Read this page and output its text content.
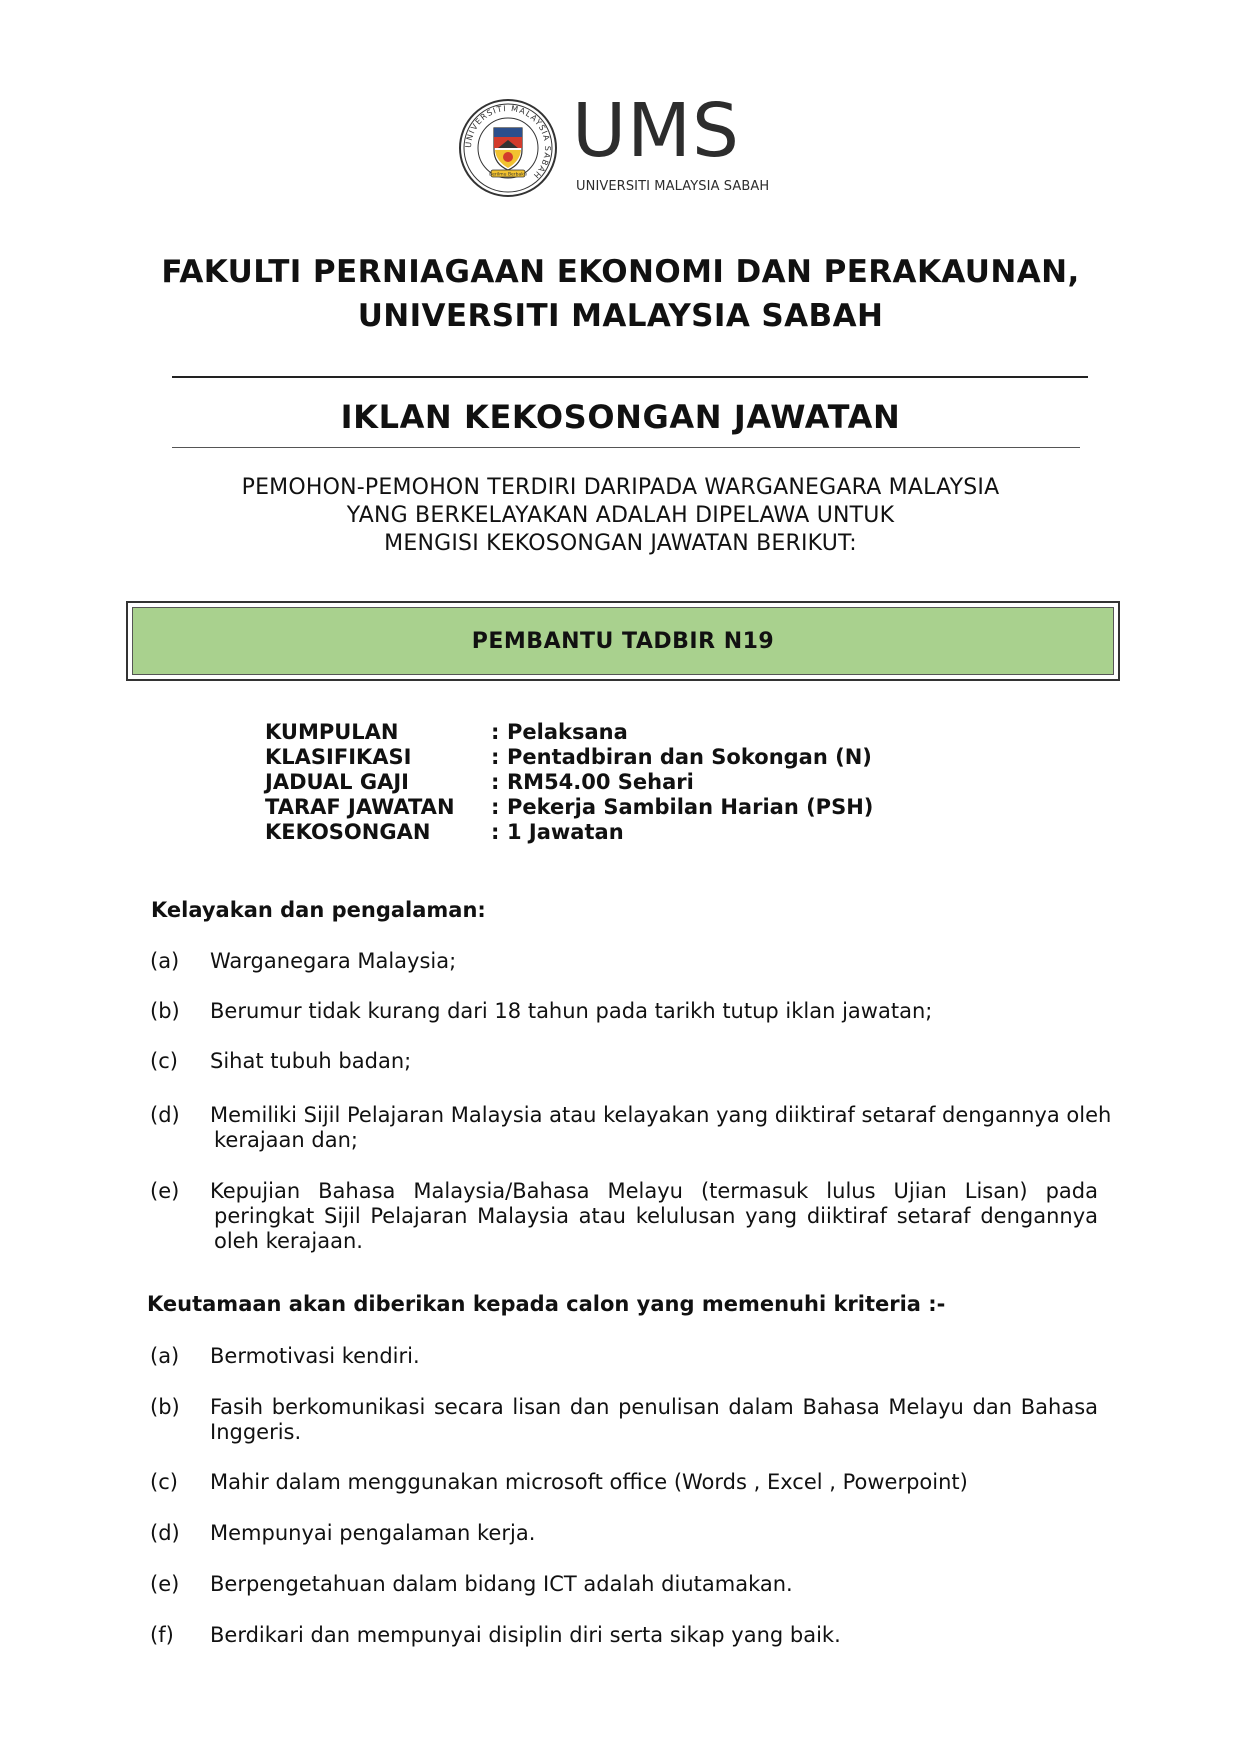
UNIVERSITI MALAYSIA SABAH
Berilmu Berbakti
UMS
UNIVERSITI MALAYSIA SABAH
FAKULTI PERNIAGAAN EKONOMI DAN PERAKAUNAN,
UNIVERSITI MALAYSIA SABAH
IKLAN KEKOSONGAN JAWATAN
PEMOHON-PEMOHON TERDIRI DARIPADA WARGANEGARA MALAYSIA
YANG BERKELAYAKAN ADALAH DIPELAWA UNTUK
MENGISI KEKOSONGAN JAWATAN BERIKUT:
PEMBANTU TADBIR N19
KUMPULAN	: Pelaksana
KLASIFIKASI	: Pentadbiran dan Sokongan (N)
JADUAL GAJI	: RM54.00 Sehari
TARAF JAWATAN	: Pekerja Sambilan Harian (PSH)
KEKOSONGAN	: 1 Jawatan
Kelayakan dan pengalaman:
(a) Warganegara Malaysia;
(b) Berumur tidak kurang dari 18 tahun pada tarikh tutup iklan jawatan;
(c) Sihat tubuh badan;
(d) Memiliki Sijil Pelajaran Malaysia atau kelayakan yang diiktiraf setaraf dengannya oleh
kerajaan dan;
(e) Kepujian Bahasa Malaysia/Bahasa Melayu (termasuk lulus Ujian Lisan) pada
peringkat Sijil Pelajaran Malaysia atau kelulusan yang diiktiraf setaraf dengannya
oleh kerajaan.
Keutamaan akan diberikan kepada calon yang memenuhi kriteria :-
(a) Bermotivasi kendiri.
(b) Fasih berkomunikasi secara lisan dan penulisan dalam Bahasa Melayu dan Bahasa
Inggeris.
(c) Mahir dalam menggunakan microsoft office (Words , Excel , Powerpoint)
(d) Mempunyai pengalaman kerja.
(e) Berpengetahuan dalam bidang ICT adalah diutamakan.
(f) Berdikari dan mempunyai disiplin diri serta sikap yang baik.
